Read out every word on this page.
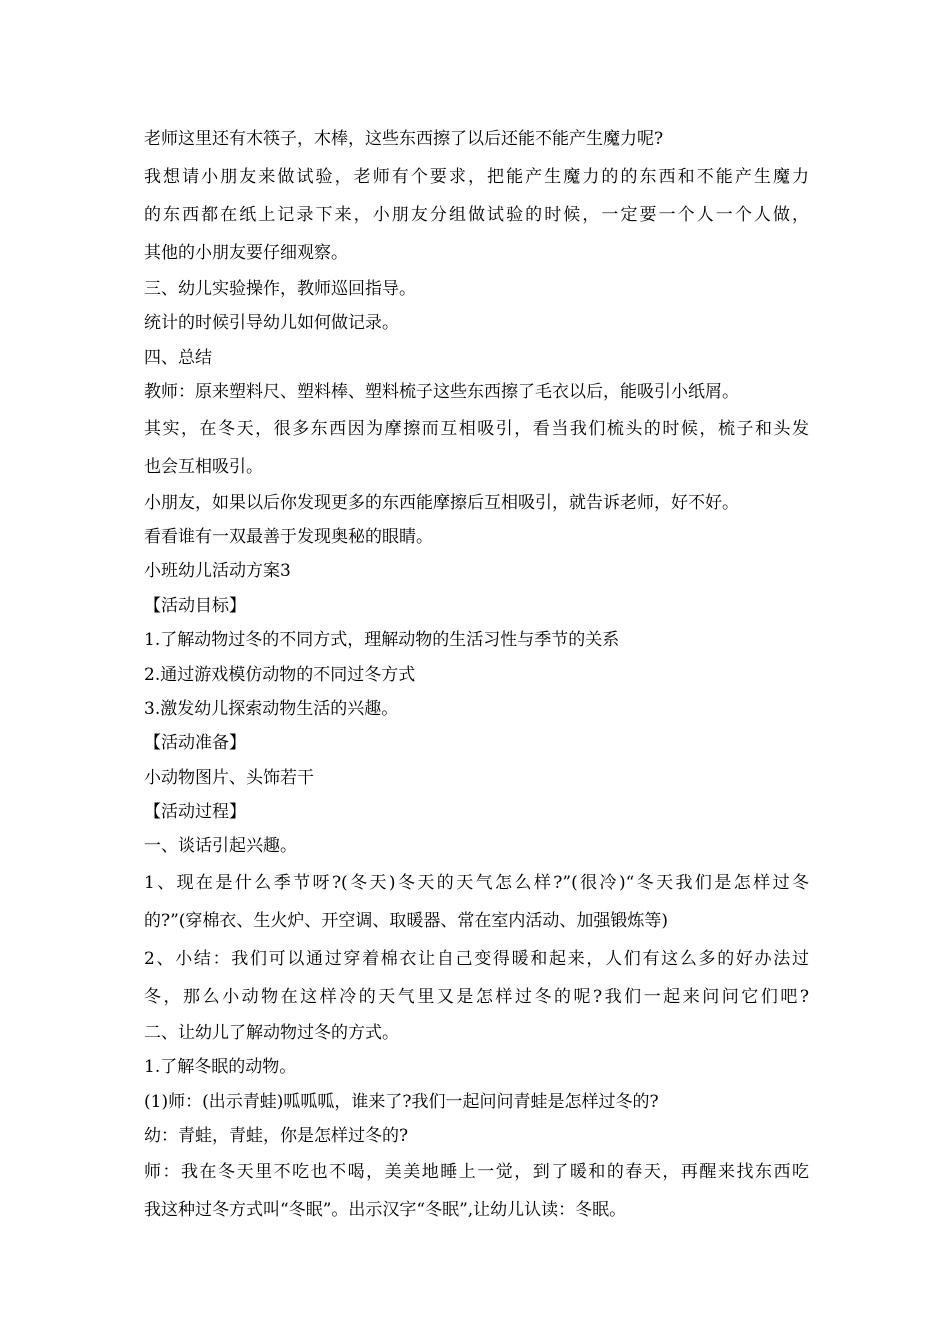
老师这里还有木筷子，木棒，这些东西擦了以后还能不能产生魔力呢?
我想请小朋友来做试验，老师有个要求，把能产生魔力的的东西和不能产生魔力
的东西都在纸上记录下来，小朋友分组做试验的时候，一定要一个人一个人做，
其他的小朋友要仔细观察。
三、幼儿实验操作，教师巡回指导。
统计的时候引导幼儿如何做记录。
四、总结
教师：原来塑料尺、塑料棒、塑料梳子这些东西擦了毛衣以后，能吸引小纸屑。
其实，在冬天，很多东西因为摩擦而互相吸引，看当我们梳头的时候，梳子和头发
也会互相吸引。
小朋友，如果以后你发现更多的东西能摩擦后互相吸引，就告诉老师，好不好。
看看谁有一双最善于发现奥秘的眼睛。
小班幼儿活动方案3
【活动目标】
1.了解动物过冬的不同方式，理解动物的生活习性与季节的关系
2.通过游戏模仿动物的不同过冬方式
3.激发幼儿探索动物生活的兴趣。
【活动准备】
小动物图片、头饰若干
【活动过程】
一、谈话引起兴趣。
1、现在是什么季节呀?(冬天)冬天的天气怎么样?”(很冷)“冬天我们是怎样过冬
的?”(穿棉衣、生火炉、开空调、取暖器、常在室内活动、加强锻炼等)
2、小结：我们可以通过穿着棉衣让自己变得暖和起来，人们有这么多的好办法过
冬，那么小动物在这样冷的天气里又是怎样过冬的呢?我们一起来问问它们吧?
二、让幼儿了解动物过冬的方式。
1.了解冬眠的动物。
(1)师：(出示青蛙)呱呱呱，谁来了?我们一起问问青蛙是怎样过冬的?
幼：青蛙，青蛙，你是怎样过冬的?
师：我在冬天里不吃也不喝，美美地睡上一觉，到了暖和的春天，再醒来找东西吃
我这种过冬方式叫“冬眠”。出示汉字“冬眠”,让幼儿认读：冬眠。
